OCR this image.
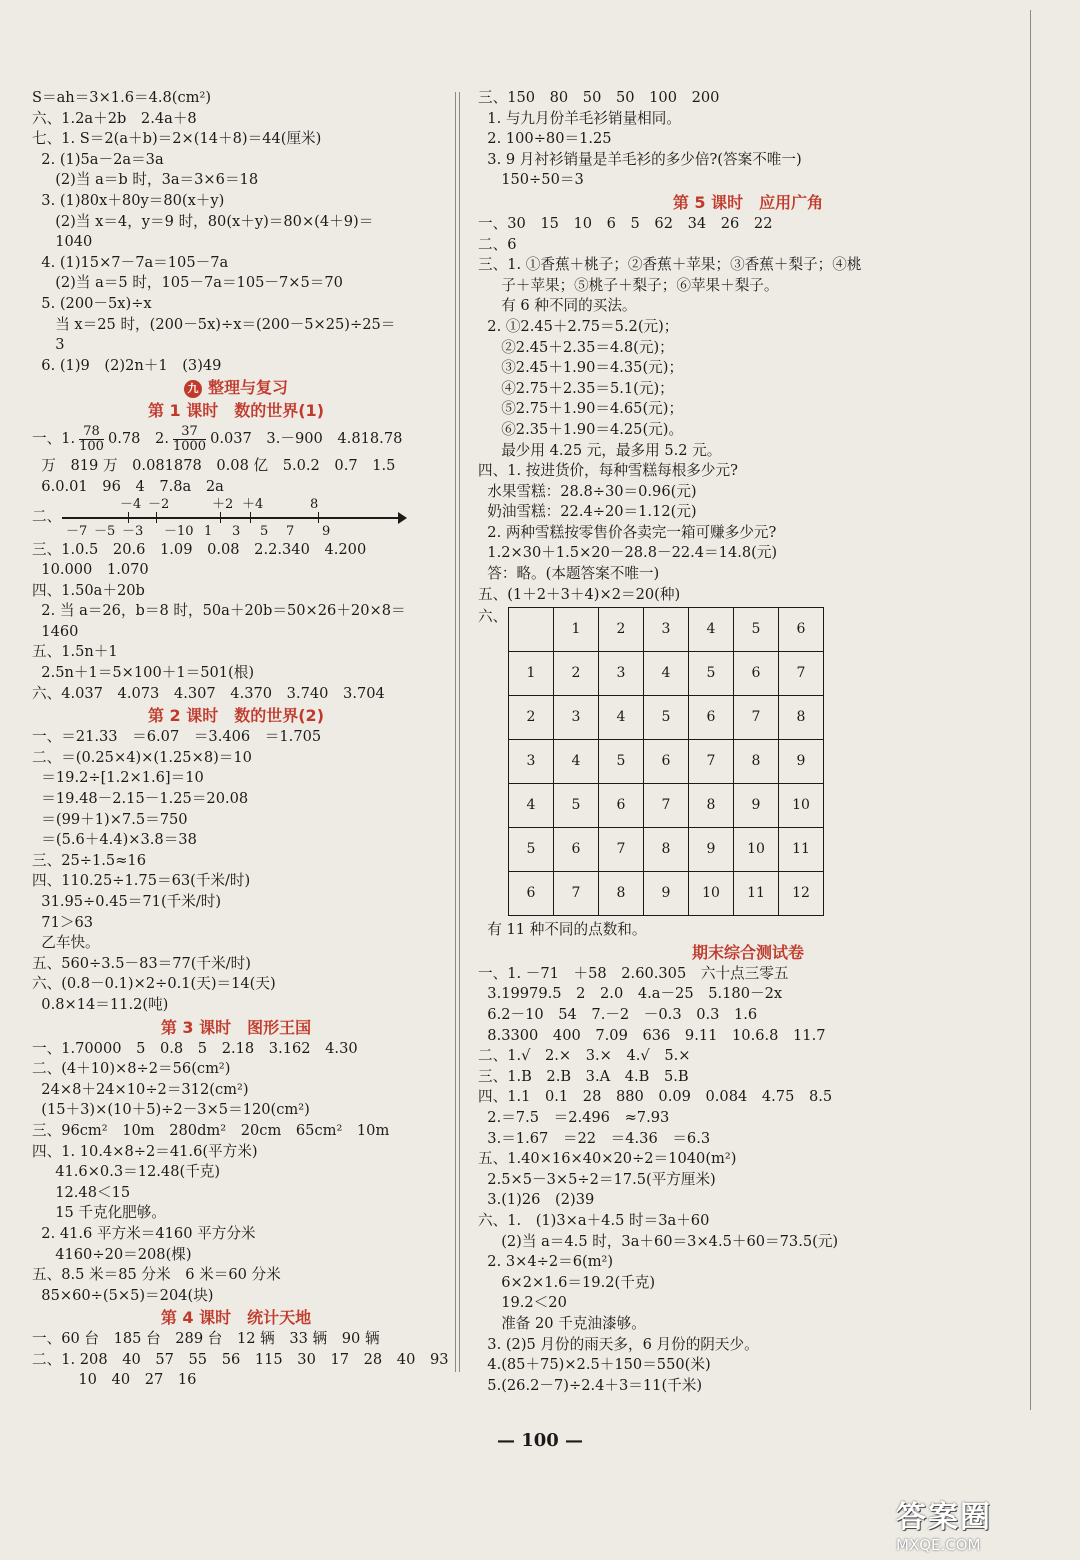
S＝ah＝3×1.6＝4.8(cm²)
六、1.2a＋2b　2.4a＋8
七、1. S＝2(a＋b)＝2×(14＋8)＝44(厘米)
2. (1)5a－2a＝3a
(2)当 a＝b 时，3a＝3×6＝18
3. (1)80x＋80y＝80(x＋y)
(2)当 x＝4，y＝9 时，80(x＋y)＝80×(4＋9)＝
1040
4. (1)15×7－7a＝105－7a
(2)当 a＝5 时，105－7a＝105－7×5＝70
5. (200－5x)÷x
当 x＝25 时，(200－5x)÷x＝(200－5×25)÷25＝
3
6. (1)9　(2)2n＋1　(3)49
九 整理与复习
第 1 课时　数的世界(1)
一、1. $\frac{78}{100} 0.78$　2. $\frac{37}{1000} 0.037$　3.－900　4.818.78
万　819 万　0.081878　0.08 亿　5.0.2　0.7　1.5
6.0.01　96　4　7.8a　2a
二、
－4 －2	＋2 ＋4	8
－7 －5 －3 －10 1 3 5 7 9
三、1.0.5　20.6　1.09　0.08　2.2.340　4.200
10.000　1.070
四、1.50a＋20b
2. 当 a＝26，b＝8 时，50a＋20b＝50×26＋20×8＝
1460
五、1.5n＋1
2.5n＋1＝5×100＋1＝501(根)
六、4.037　4.073　4.307　4.370　3.740　3.704
第 2 课时　数的世界(2)
一、＝21.33　＝6.07　＝3.406　＝1.705
二、＝(0.25×4)×(1.25×8)＝10
＝19.2÷[1.2×1.6]＝10
＝19.48－2.15－1.25＝20.08
＝(99＋1)×7.5＝750
＝(5.6＋4.4)×3.8＝38
三、25÷1.5≈16
四、110.25÷1.75＝63(千米/时)
31.95÷0.45＝71(千米/时)
71＞63
乙车快。
五、560÷3.5－83＝77(千米/时)
六、(0.8－0.1)×2÷0.1(天)＝14(天)
0.8×14＝11.2(吨)
第 3 课时　图形王国
一、1.70000　5　0.8　5　2.18　3.162　4.30
二、(4＋10)×8÷2＝56(cm²)
24×8＋24×10÷2＝312(cm²)
(15＋3)×(10＋5)÷2－3×5＝120(cm²)
三、96cm²　10m　280dm²　20cm　65cm²　10m
四、1. 10.4×8÷2＝41.6(平方米)
41.6×0.3＝12.48(千克)
12.48＜15
15 千克化肥够。
2. 41.6 平方米＝4160 平方分米
4160÷20＝208(棵)
五、8.5 米＝85 分米　6 米＝60 分米
85×60÷(5×5)＝204(块)
第 4 课时　统计天地
一、60 台　185 台　289 台　12 辆　33 辆　90 辆
二、1. 208　40　57　55　56　115　30　17　28　40　93
10　40　27　16
三、150　80　50　50　100　200
1. 与九月份羊毛衫销量相同。
2. 100÷80＝1.25
3. 9 月衬衫销量是羊毛衫的多少倍?(答案不唯一)
150÷50＝3
第 5 课时　应用广角
一、30　15　10　6　5　62　34　26　22
二、6
三、1. ①香蕉＋桃子；②香蕉＋苹果；③香蕉＋梨子；④桃
子＋苹果；⑤桃子＋梨子；⑥苹果＋梨子。
有 6 种不同的买法。
2. ①2.45＋2.75＝5.2(元)；
②2.45＋2.35＝4.8(元)；
③2.45＋1.90＝4.35(元)；
④2.75＋2.35＝5.1(元)；
⑤2.75＋1.90＝4.65(元)；
⑥2.35＋1.90＝4.25(元)。
最少用 4.25 元，最多用 5.2 元。
四、1. 按进货价，每种雪糕每根多少元?
水果雪糕：28.8÷30＝0.96(元)
奶油雪糕：22.4÷20＝1.12(元)
2. 两种雪糕按零售价各卖完一箱可赚多少元?
1.2×30＋1.5×20－28.8－22.4＝14.8(元)
答：略。(本题答案不唯一)
五、(1＋2＋3＋4)×2＝20(种)
六、
	1	2	3	4	5	6
1	2	3	4	5	6	7
2	3	4	5	6	7	8
3	4	5	6	7	8	9
4	5	6	7	8	9	10
5	6	7	8	9	10	11
6	7	8	9	10	11	12
有 11 种不同的点数和。
期末综合测试卷
一、1. －71　＋58　2.60.305　六十点三零五
3.19979.5　2　2.0　4.a－25　5.180－2x
6.2－10　54　7.－2　－0.3　0.3　1.6
8.3300　400　7.09　636　9.11　10.6.8　11.7
二、1.√　2.×　3.×　4.√　5.×
三、1.B　2.B　3.A　4.B　5.B
四、1.1　0.1　28　880　0.09　0.084　4.75　8.5
2.＝7.5　＝2.496　≈7.93
3.＝1.67　＝22　＝4.36　＝6.3
五、1.40×16×40×20÷2＝1040(m²)
2.5×5－3×5÷2＝17.5(平方厘米)
3.(1)26　(2)39
六、1.　(1)3×a＋4.5 时＝3a＋60
(2)当 a＝4.5 时，3a＋60＝3×4.5＋60＝73.5(元)
2. 3×4÷2＝6(m²)
6×2×1.6＝19.2(千克)
19.2＜20
准备 20 千克油漆够。
3. (2)5 月份的雨天多，6 月份的阴天少。
4.(85＋75)×2.5＋150＝550(米)
5.(26.2－7)÷2.4＋3＝11(千米)
— 100 —
答案圈
MXQE.COM
